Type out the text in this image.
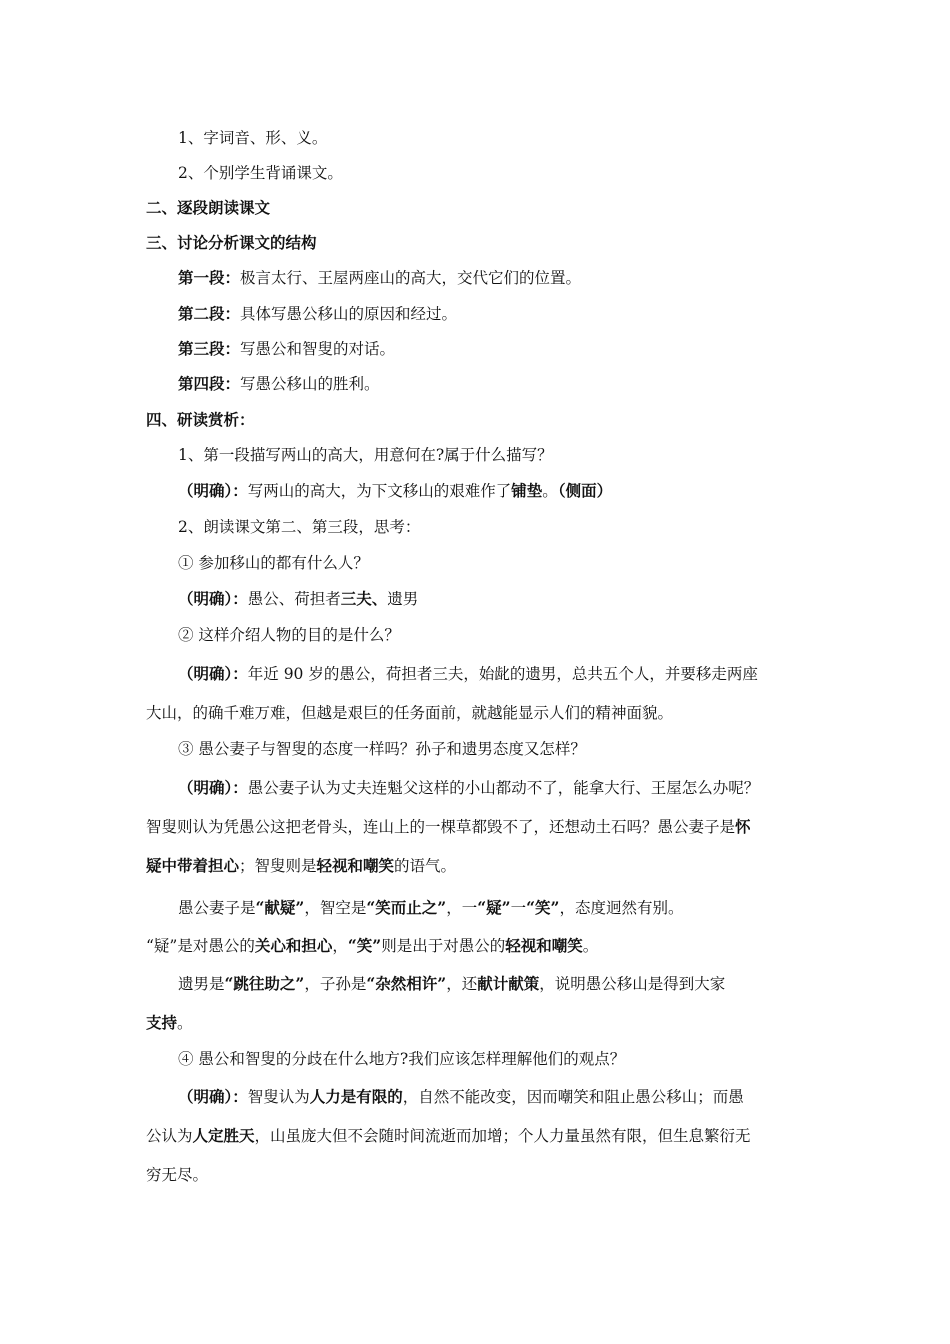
1、字词音、形、义。
2、个别学生背诵课文。
二、逐段朗读课文
三、讨论分析课文的结构
第一段：极言太行、王屋两座山的高大，交代它们的位置。
第二段：具体写愚公移山的原因和经过。
第三段：写愚公和智叟的对话。
第四段：写愚公移山的胜利。
四、研读赏析：
1、第一段描写两山的高大，用意何在?属于什么描写？
（明确）：写两山的高大，为下文移山的艰难作了铺垫。（侧面）
2、朗读课文第二、第三段，思考：
① 参加移山的都有什么人？
（明确）：愚公、荷担者三夫、遗男
② 这样介绍人物的目的是什么？
（明确）：年近 90 岁的愚公，荷担者三夫，始龀的遗男，总共五个人，并要移走两座
大山，的确千难万难，但越是艰巨的任务面前，就越能显示人们的精神面貌。
③ 愚公妻子与智叟的态度一样吗？孙子和遗男态度又怎样？
（明确）：愚公妻子认为丈夫连魁父这样的小山都动不了，能拿大行、王屋怎么办呢？
智叟则认为凭愚公这把老骨头，连山上的一棵草都毁不了，还想动土石吗？愚公妻子是怀
疑中带着担心；智叟则是轻视和嘲笑的语气。
愚公妻子是“献疑”，智空是“笑而止之”，一“疑”一“笑”，态度迥然有别。
“疑”是对愚公的关心和担心，“笑”则是出于对愚公的轻视和嘲笑。
遗男是“跳往助之”，子孙是“杂然相许”，还献计献策，说明愚公移山是得到大家
支持。
④ 愚公和智叟的分歧在什么地方?我们应该怎样理解他们的观点？
（明确）：智叟认为人力是有限的，自然不能改变，因而嘲笑和阻止愚公移山；而愚
公认为人定胜天，山虽庞大但不会随时间流逝而加增；个人力量虽然有限，但生息繁衍无
穷无尽。
